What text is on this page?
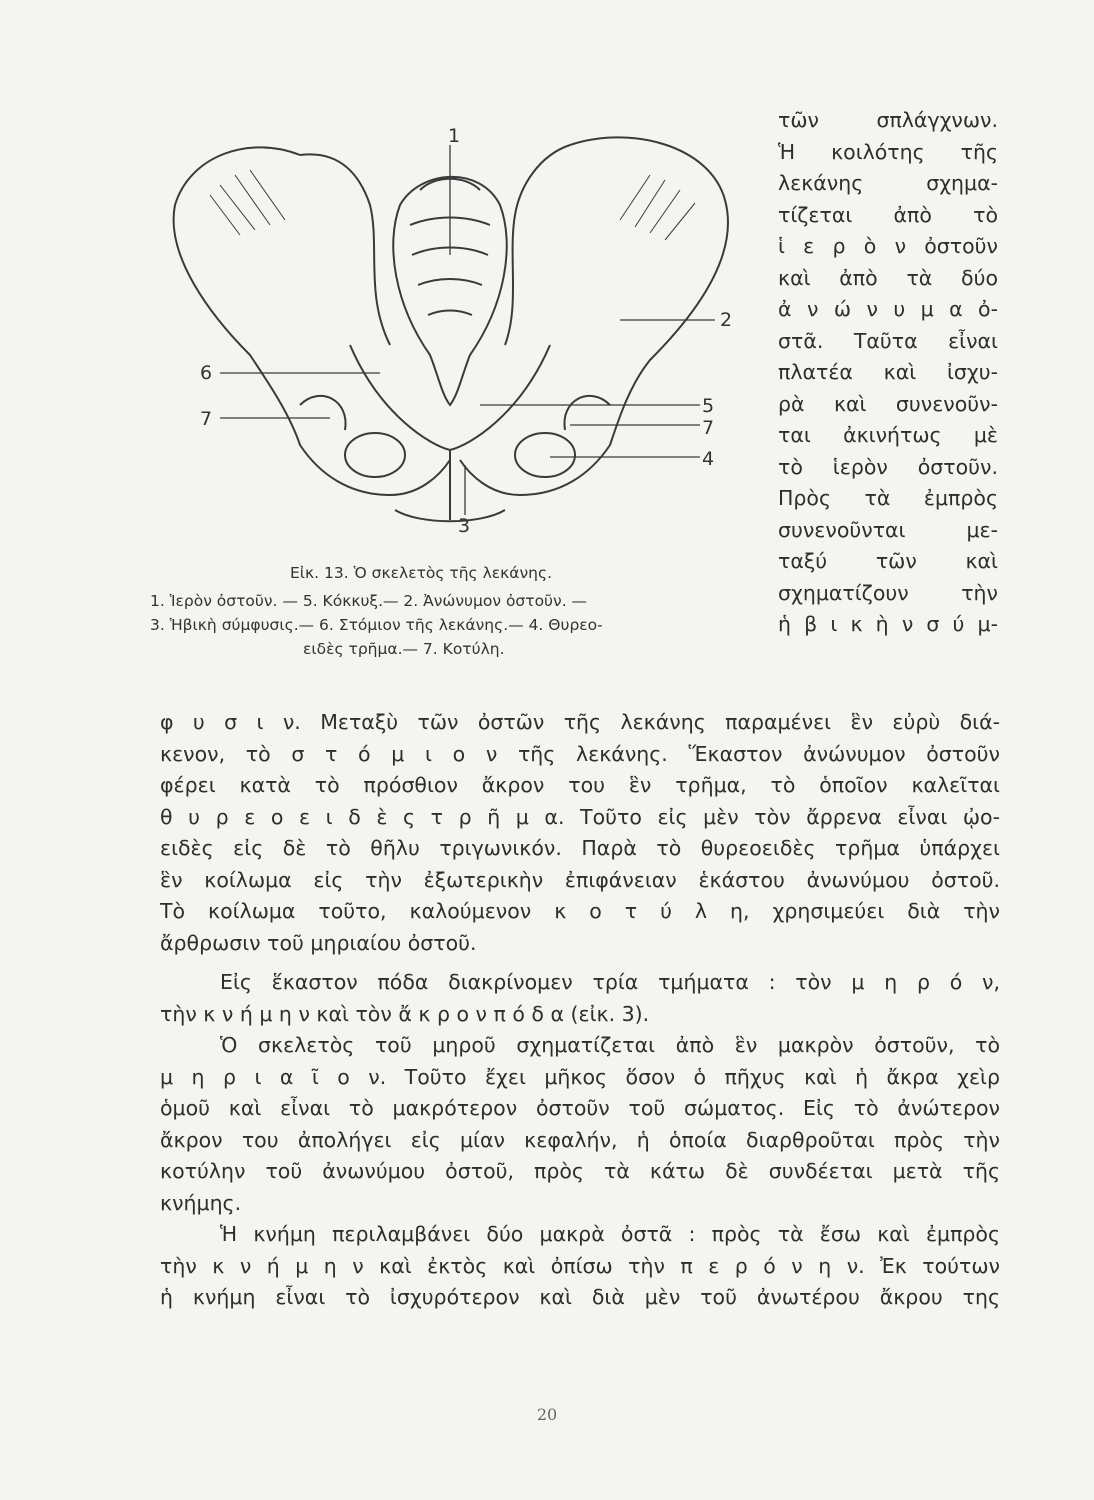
1
2
6
5
7	7
4
3
Εἰκ. 13. Ὁ σκελετὸς τῆς λεκάνης.
1. Ἱερὸν ὀστοῦν. — 5. Κόκκυξ.— 2. Ἀνώνυμον ὀστοῦν. —
3. Ἡβικὴ σύμφυσις.— 6. Στόμιον τῆς λεκάνης.— 4. Θυρεο-
ειδὲς τρῆμα.— 7. Κοτύλη.
τῶν σπλάγχνων.
Ἡ κοιλότης τῆς
λεκάνης σχημα-
τίζεται ἀπὸ τὸ
ἱ ε ρ ὸ ν ὀστοῦν
καὶ ἀπὸ τὰ δύο
ἀ ν ώ ν υ μ α ὀ-
στᾶ. Ταῦτα εἶναι
πλατέα καὶ ἰσχυ-
ρὰ καὶ συνενοῦν-
ται ἀκινήτως μὲ
τὸ ἱερὸν ὀστοῦν.
Πρὸς τὰ ἐμπρὸς
συνενοῦνται με-
ταξύ τῶν καὶ
σχηματίζουν τὴν
ἡ β ι κ ὴ ν σ ύ μ-
φ υ σ ι ν. Μεταξὺ τῶν ὀστῶν τῆς λεκάνης παραμένει ἓν εὐρὺ διά-
κενον, τὸ σ τ ό μ ι ο ν τῆς λεκάνης. Ἕκαστον ἀνώνυμον ὀστοῦν
φέρει κατὰ τὸ πρόσθιον ἄκρον του ἓν τρῆμα, τὸ ὁποῖον καλεῖται
θ υ ρ ε ο ε ι δ ὲ ς τ ρ ῆ μ α. Τοῦτο εἰς μὲν τὸν ἄρρενα εἶναι ᾠο-
ειδὲς εἰς δὲ τὸ θῆλυ τριγωνικόν. Παρὰ τὸ θυρεοειδὲς τρῆμα ὑπάρχει
ἓν κοίλωμα εἰς τὴν ἐξωτερικὴν ἐπιφάνειαν ἑκάστου ἀνωνύμου ὀστοῦ.
Τὸ κοίλωμα τοῦτο, καλούμενον κ ο τ ύ λ η, χρησιμεύει διὰ τὴν
ἄρθρωσιν τοῦ μηριαίου ὀστοῦ.
Εἰς ἕκαστον πόδα διακρίνομεν τρία τμήματα : τὸν μ η ρ ό ν,
τὴν κ ν ή μ η ν καὶ τὸν ἄ κ ρ ο ν π ό δ α (εἰκ. 3).
Ὁ σκελετὸς τοῦ μηροῦ σχηματίζεται ἀπὸ ἓν μακρὸν ὀστοῦν, τὸ
μ η ρ ι α ῖ ο ν. Τοῦτο ἔχει μῆκος ὅσον ὁ πῆχυς καὶ ἡ ἄκρα χεὶρ
ὁμοῦ καὶ εἶναι τὸ μακρότερον ὀστοῦν τοῦ σώματος. Εἰς τὸ ἀνώτερον
ἄκρον του ἀπολήγει εἰς μίαν κεφαλήν, ἡ ὁποία διαρθροῦται πρὸς τὴν
κοτύλην τοῦ ἀνωνύμου ὀστοῦ, πρὸς τὰ κάτω δὲ συνδέεται μετὰ τῆς
κνήμης.
Ἡ κνήμη περιλαμβάνει δύο μακρὰ ὀστᾶ : πρὸς τὰ ἔσω καὶ ἐμπρὸς
τὴν κ ν ή μ η ν καὶ ἐκτὸς καὶ ὀπίσω τὴν π ε ρ ό ν η ν. Ἐκ τούτων
ἡ κνήμη εἶναι τὸ ἰσχυρότερον καὶ διὰ μὲν τοῦ ἀνωτέρου ἄκρου της
20
